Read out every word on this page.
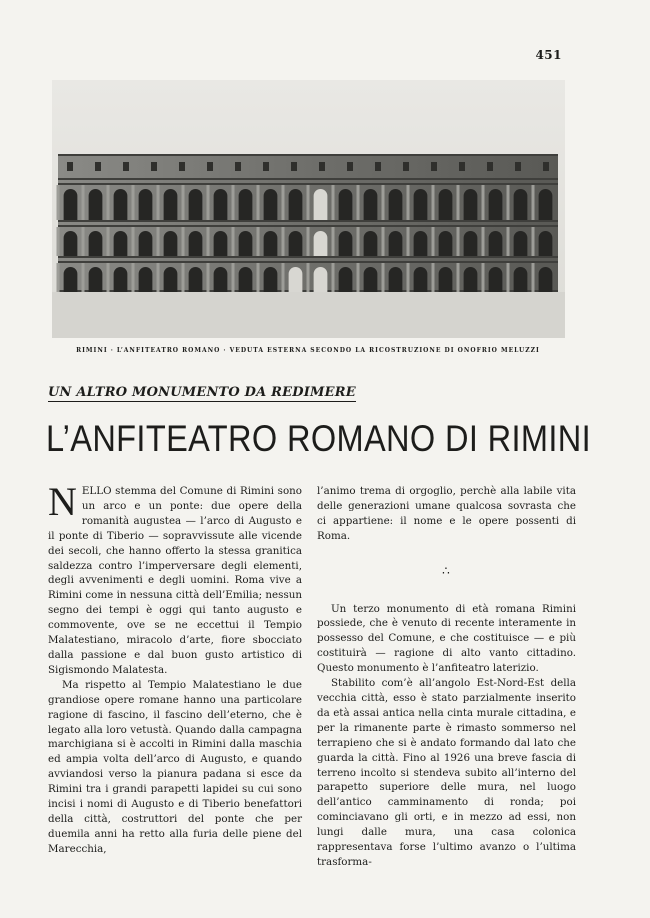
451
RIMINI · L’ANFITEATRO ROMANO · VEDUTA ESTERNA SECONDO LA RICOSTRUZIONE DI ONOFRIO MELUZZI
UN ALTRO MONUMENTO DA REDIMERE
L’ANFITEATRO ROMANO DI RIMINI

NELLO stemma del Comune di Rimini sono un arco e un ponte: due opere della romanità augustea — l’arco di Augusto e il ponte di Tiberio — sopravvissute alle vicende dei secoli, che hanno offerto la stessa granitica saldezza contro l’imperversare degli elementi, degli avvenimenti e degli uomini. Roma vive a Rimini come in nessuna città dell’Emilia; nessun segno dei tempi è oggi qui tanto augusto e commovente, ove se ne eccettui il Tempio Malatestiano, miracolo d’arte, fiore sbocciato dalla passione e dal buon gusto artistico di Sigismondo Malatesta.

Ma rispetto al Tempio Malatestiano le due grandiose opere romane hanno una particolare ragione di fascino, il fascino dell’eterno, che è legato alla loro vetustà. Quando dalla campagna marchigiana si è accolti in Rimini dalla maschia ed ampia volta dell’arco di Augusto, e quando avviandosi verso la pianura padana si esce da Rimini tra i grandi parapetti lapidei su cui sono incisi i nomi di Augusto e di Tiberio benefattori della città, costruttori del ponte che per duemila anni ha retto alla furia delle piene del Marecchia,

l’animo trema di orgoglio, perchè alla labile vita delle generazioni umane qualcosa sovrasta che ci appartiene: il nome e le opere possenti di Roma.

∴

Un terzo monumento di età romana Rimini possiede, che è venuto di recente interamente in possesso del Comune, e che costituisce — e più costituirà — ragione di alto vanto cittadino. Questo monumento è l’anfiteatro laterizio.

Stabilito com’è all’angolo Est-Nord-Est della vecchia città, esso è stato parzialmente inserito da età assai antica nella cinta murale cittadina, e per la rimanente parte è rimasto sommerso nel terrapieno che si è andato formando dal lato che guarda la città. Fino al 1926 una breve fascia di terreno incolto si stendeva subito all’interno del parapetto superiore delle mura, nel luogo dell’antico camminamento di ronda; poi cominciavano gli orti, e in mezzo ad essi, non lungi dalle mura, una casa colonica rappresentava forse l’ultimo avanzo o l’ultima trasforma-
